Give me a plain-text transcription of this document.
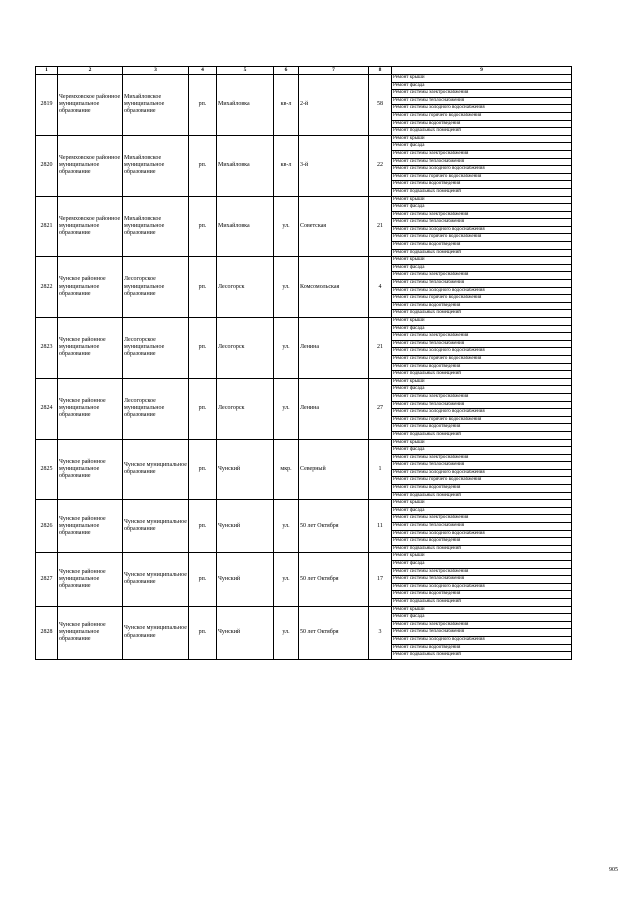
1	2	3	4	5	6	7	8	9
2819	Черемховское районное муниципальное образование	Михайловское муниципальное образование	рп.	Михайловка	кв-л	2-й	58	Ремонт крыши
								Ремонт фасада
								Ремонт системы электроснабжения
								Ремонт системы теплоснабжения
								Ремонт системы холодного водоснабжения
								Ремонт системы горячего водоснабжения
								Ремонт системы водоотведения
								Ремонт подвальных помещений
2820	Черемховское районное муниципальное образование	Михайловское муниципальное образование	рп.	Михайловка	кв-л	3-й	22	Ремонт крыши
								Ремонт фасада
								Ремонт системы электроснабжения
								Ремонт системы теплоснабжения
								Ремонт системы холодного водоснабжения
								Ремонт системы горячего водоснабжения
								Ремонт системы водоотведения
								Ремонт подвальных помещений
2821	Черемховское районное муниципальное образование	Михайловское муниципальное образование	рп.	Михайловка	ул.	Советская	21	Ремонт крыши
								Ремонт фасада
								Ремонт системы электроснабжения
								Ремонт системы теплоснабжения
								Ремонт системы холодного водоснабжения
								Ремонт системы горячего водоснабжения
								Ремонт системы водоотведения
								Ремонт подвальных помещений
2822	Чунское районное муниципальное образование	Лесогорское муниципальное образование	рп.	Лесогорск	ул.	Комсомольская	4	Ремонт крыши
								Ремонт фасада
								Ремонт системы электроснабжения
								Ремонт системы теплоснабжения
								Ремонт системы холодного водоснабжения
								Ремонт системы горячего водоснабжения
								Ремонт системы водоотведения
								Ремонт подвальных помещений
2823	Чунское районное муниципальное образование	Лесогорское муниципальное образование	рп.	Лесогорск	ул.	Ленина	21	Ремонт крыши
								Ремонт фасада
								Ремонт системы электроснабжения
								Ремонт системы теплоснабжения
								Ремонт системы холодного водоснабжения
								Ремонт системы горячего водоснабжения
								Ремонт системы водоотведения
								Ремонт подвальных помещений
2824	Чунское районное муниципальное образование	Лесогорское муниципальное образование	рп.	Лесогорск	ул.	Ленина	27	Ремонт крыши
								Ремонт фасада
								Ремонт системы электроснабжения
								Ремонт системы теплоснабжения
								Ремонт системы холодного водоснабжения
								Ремонт системы горячего водоснабжения
								Ремонт системы водоотведения
								Ремонт подвальных помещений
2825	Чунское районное муниципальное образование	Чунское муниципальное образование	рп.	Чунский	мкр.	Северный	1	Ремонт крыши
								Ремонт фасада
								Ремонт системы электроснабжения
								Ремонт системы теплоснабжения
								Ремонт системы холодного водоснабжения
								Ремонт системы горячего водоснабжения
								Ремонт системы водоотведения
								Ремонт подвальных помещений
2826	Чунское районное муниципальное образование	Чунское муниципальное образование	рп.	Чунский	ул.	50 лет Октября	11	Ремонт крыши
								Ремонт фасада
								Ремонт системы электроснабжения
								Ремонт системы теплоснабжения
								Ремонт системы холодного водоснабжения
								Ремонт системы водоотведения
								Ремонт подвальных помещений
2827	Чунское районное муниципальное образование	Чунское муниципальное образование	рп.	Чунский	ул.	50 лет Октября	17	Ремонт крыши
								Ремонт фасада
								Ремонт системы электроснабжения
								Ремонт системы теплоснабжения
								Ремонт системы холодного водоснабжения
								Ремонт системы водоотведения
								Ремонт подвальных помещений
2828	Чунское районное муниципальное образование	Чунское муниципальное образование	рп.	Чунский	ул.	50 лет Октября	3	Ремонт крыши
								Ремонт фасада
								Ремонт системы электроснабжения
								Ремонт системы теплоснабжения
								Ремонт системы холодного водоснабжения
								Ремонт системы водоотведения
								Ремонт подвальных помещений
905
